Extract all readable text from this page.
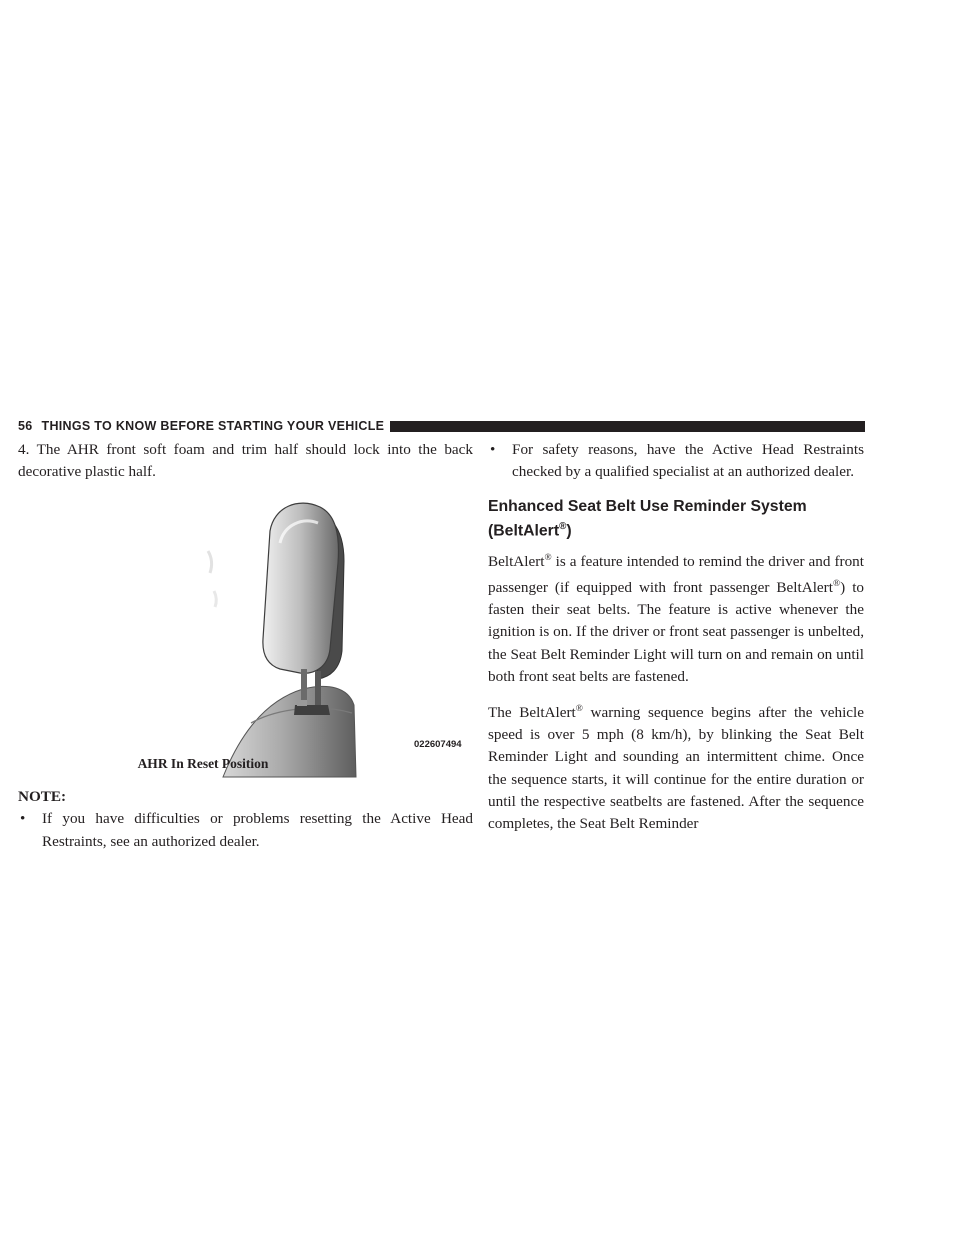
56 THINGS TO KNOW BEFORE STARTING YOUR VEHICLE

4. The AHR front soft foam and trim half should lock into the back decorative plastic half.

022607494
AHR In Reset Position
NOTE:
•	If you have difficulties or problems resetting the Active Head Restraints, see an authorized dealer.
•	For safety reasons, have the Active Head Restraints checked by a qualified specialist at an authorized dealer.
Enhanced Seat Belt Use Reminder System (BeltAlert®)

BeltAlert® is a feature intended to remind the driver and front passenger (if equipped with front passenger BeltAlert®) to fasten their seat belts. The feature is active whenever the ignition is on. If the driver or front seat passenger is unbelted, the Seat Belt Reminder Light will turn on and remain on until both front seat belts are fastened.

The BeltAlert® warning sequence begins after the vehicle speed is over 5 mph (8 km/h), by blinking the Seat Belt Reminder Light and sounding an intermittent chime. Once the sequence starts, it will continue for the entire duration or until the respective seatbelts are fastened. After the sequence completes, the Seat Belt Reminder
